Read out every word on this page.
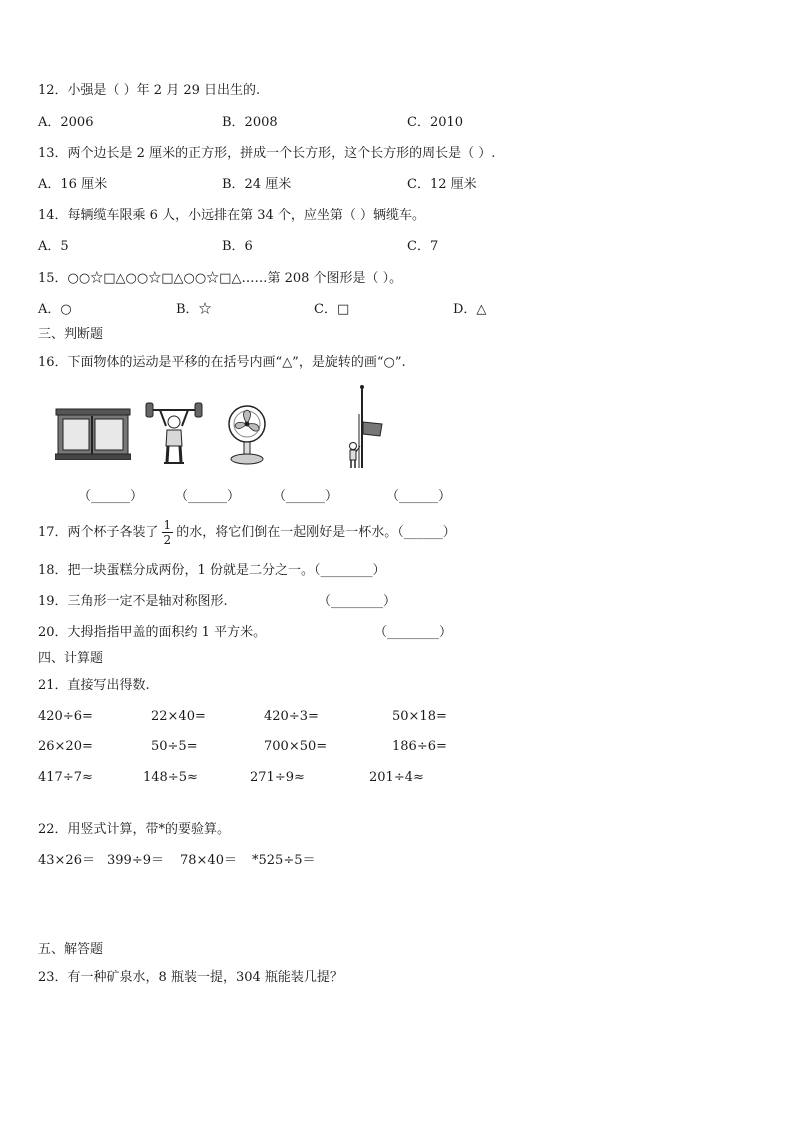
12．小强是（ ）年 2 月 29 日出生的.
A．2006	B．2008	C．2010
13．两个边长是 2 厘米的正方形，拼成一个长方形，这个长方形的周长是（ ）.
A．16 厘米	B．24 厘米	C．12 厘米
14．每辆缆车限乘 6 人，小远排在第 34 个，应坐第（ ）辆缆车。
A．5	B．6	C．7
15．○○☆□△○○☆□△○○☆□△……第 208 个图形是（ ）。
A．○	B．☆	C．□	D．△
三、判断题
16．下面物体的运动是平移的在括号内画“△”，是旋转的画“○”.
（______） （______）	（______）	（______）
17．两个杯子各装了 $\frac{1}{2}$ 的水，将它们倒在一起刚好是一杯水。（______）
18．把一块蛋糕分成两份，1 份就是二分之一。（________）
19．三角形一定不是轴对称图形.	（________）
20．大拇指指甲盖的面积约 1 平方米。	（________）
四、计算题
21．直接写出得数.
420÷6=	22×40=	420÷3=	50×18=
26×20=	50÷5=	700×50=	186÷6=
417÷7≈	148÷5≈	271÷9≈	201÷4≈
22．用竖式计算，带*的要验算。
43×26＝ 399÷9＝ 78×40＝ *525÷5＝
五、解答题
23．有一种矿泉水，8 瓶装一提，304 瓶能装几提？
